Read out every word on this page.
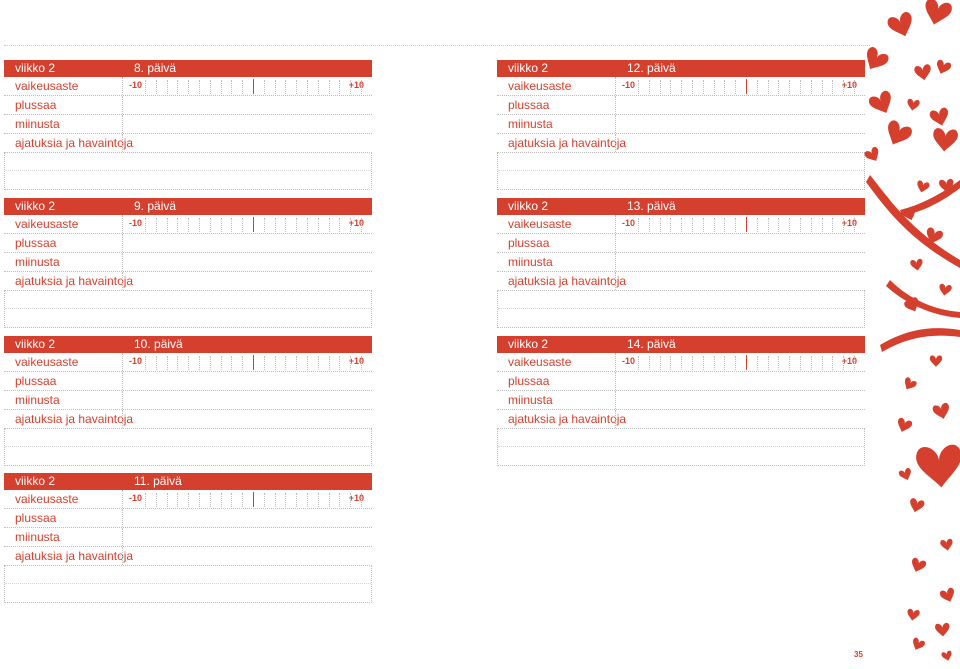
viikko 2	8. päivä
vaikeusaste	-10	+10
plussaa
miinusta
ajatuksia ja havaintoja
viikko 2	9. päivä
vaikeusaste	-10	+10
plussaa
miinusta
ajatuksia ja havaintoja
viikko 2	10. päivä
vaikeusaste	-10	+10
plussaa
miinusta
ajatuksia ja havaintoja
viikko 2	11. päivä
vaikeusaste	-10	+10
plussaa
miinusta
ajatuksia ja havaintoja
viikko 2	12. päivä
vaikeusaste	-10	+10
plussaa
miinusta
ajatuksia ja havaintoja
viikko 2	13. päivä
vaikeusaste	-10	+10
plussaa
miinusta
ajatuksia ja havaintoja
viikko 2	14. päivä
vaikeusaste	-10	+10
plussaa
miinusta
ajatuksia ja havaintoja
35
